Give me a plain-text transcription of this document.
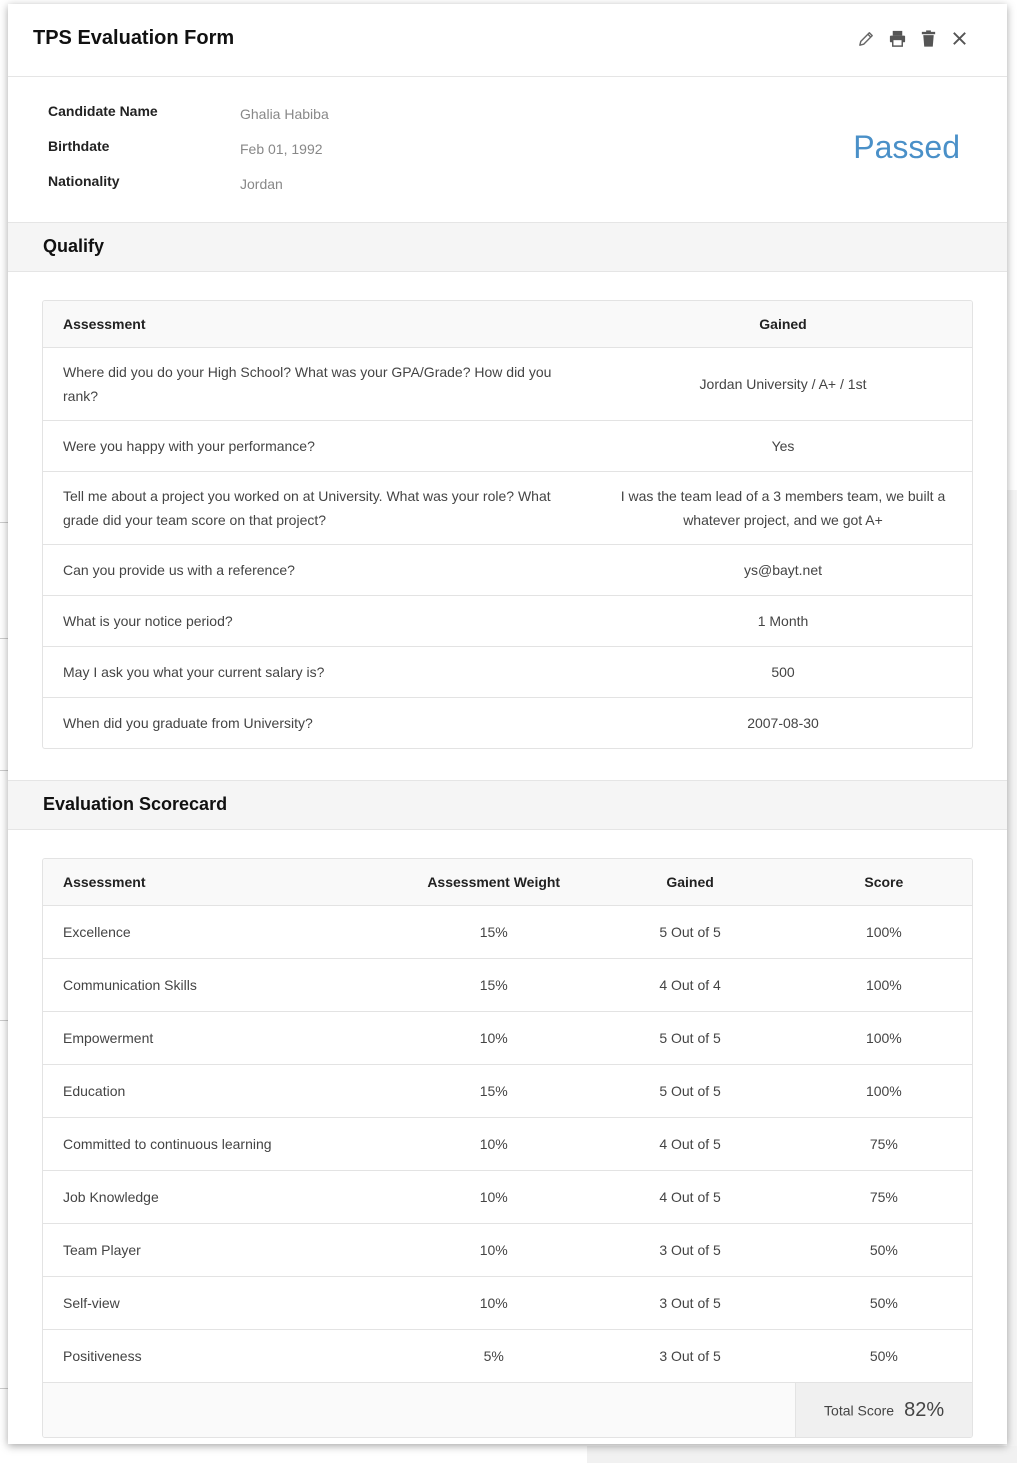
TPS Evaluation Form
Candidate Name	Ghalia Habiba
Birthdate	Feb 01, 1992
Nationality	Jordan
Passed
Qualify
Assessment	Gained
Where did you do your High School? What was your GPA/Grade? How did you rank?	Jordan University / A+ / 1st
Were you happy with your performance?	Yes
Tell me about a project you worked on at University. What was your role? What grade did your team score on that project?	I was the team lead of a 3 members team, we built a whatever project, and we got A+
Can you provide us with a reference?	ys@bayt.net
What is your notice period?	1 Month
May I ask you what your current salary is?	500
When did you graduate from University?	2007-08-30
Evaluation Scorecard
Assessment	Assessment Weight	Gained	Score
Excellence	15%	5 Out of 5	100%
Communication Skills	15%	4 Out of 4	100%
Empowerment	10%	5 Out of 5	100%
Education	15%	5 Out of 5	100%
Committed to continuous learning	10%	4 Out of 5	75%
Job Knowledge	10%	4 Out of 5	75%
Team Player	10%	3 Out of 5	50%
Self-view	10%	3 Out of 5	50%
Positiveness	5%	3 Out of 5	50%
			Total Score 82%
